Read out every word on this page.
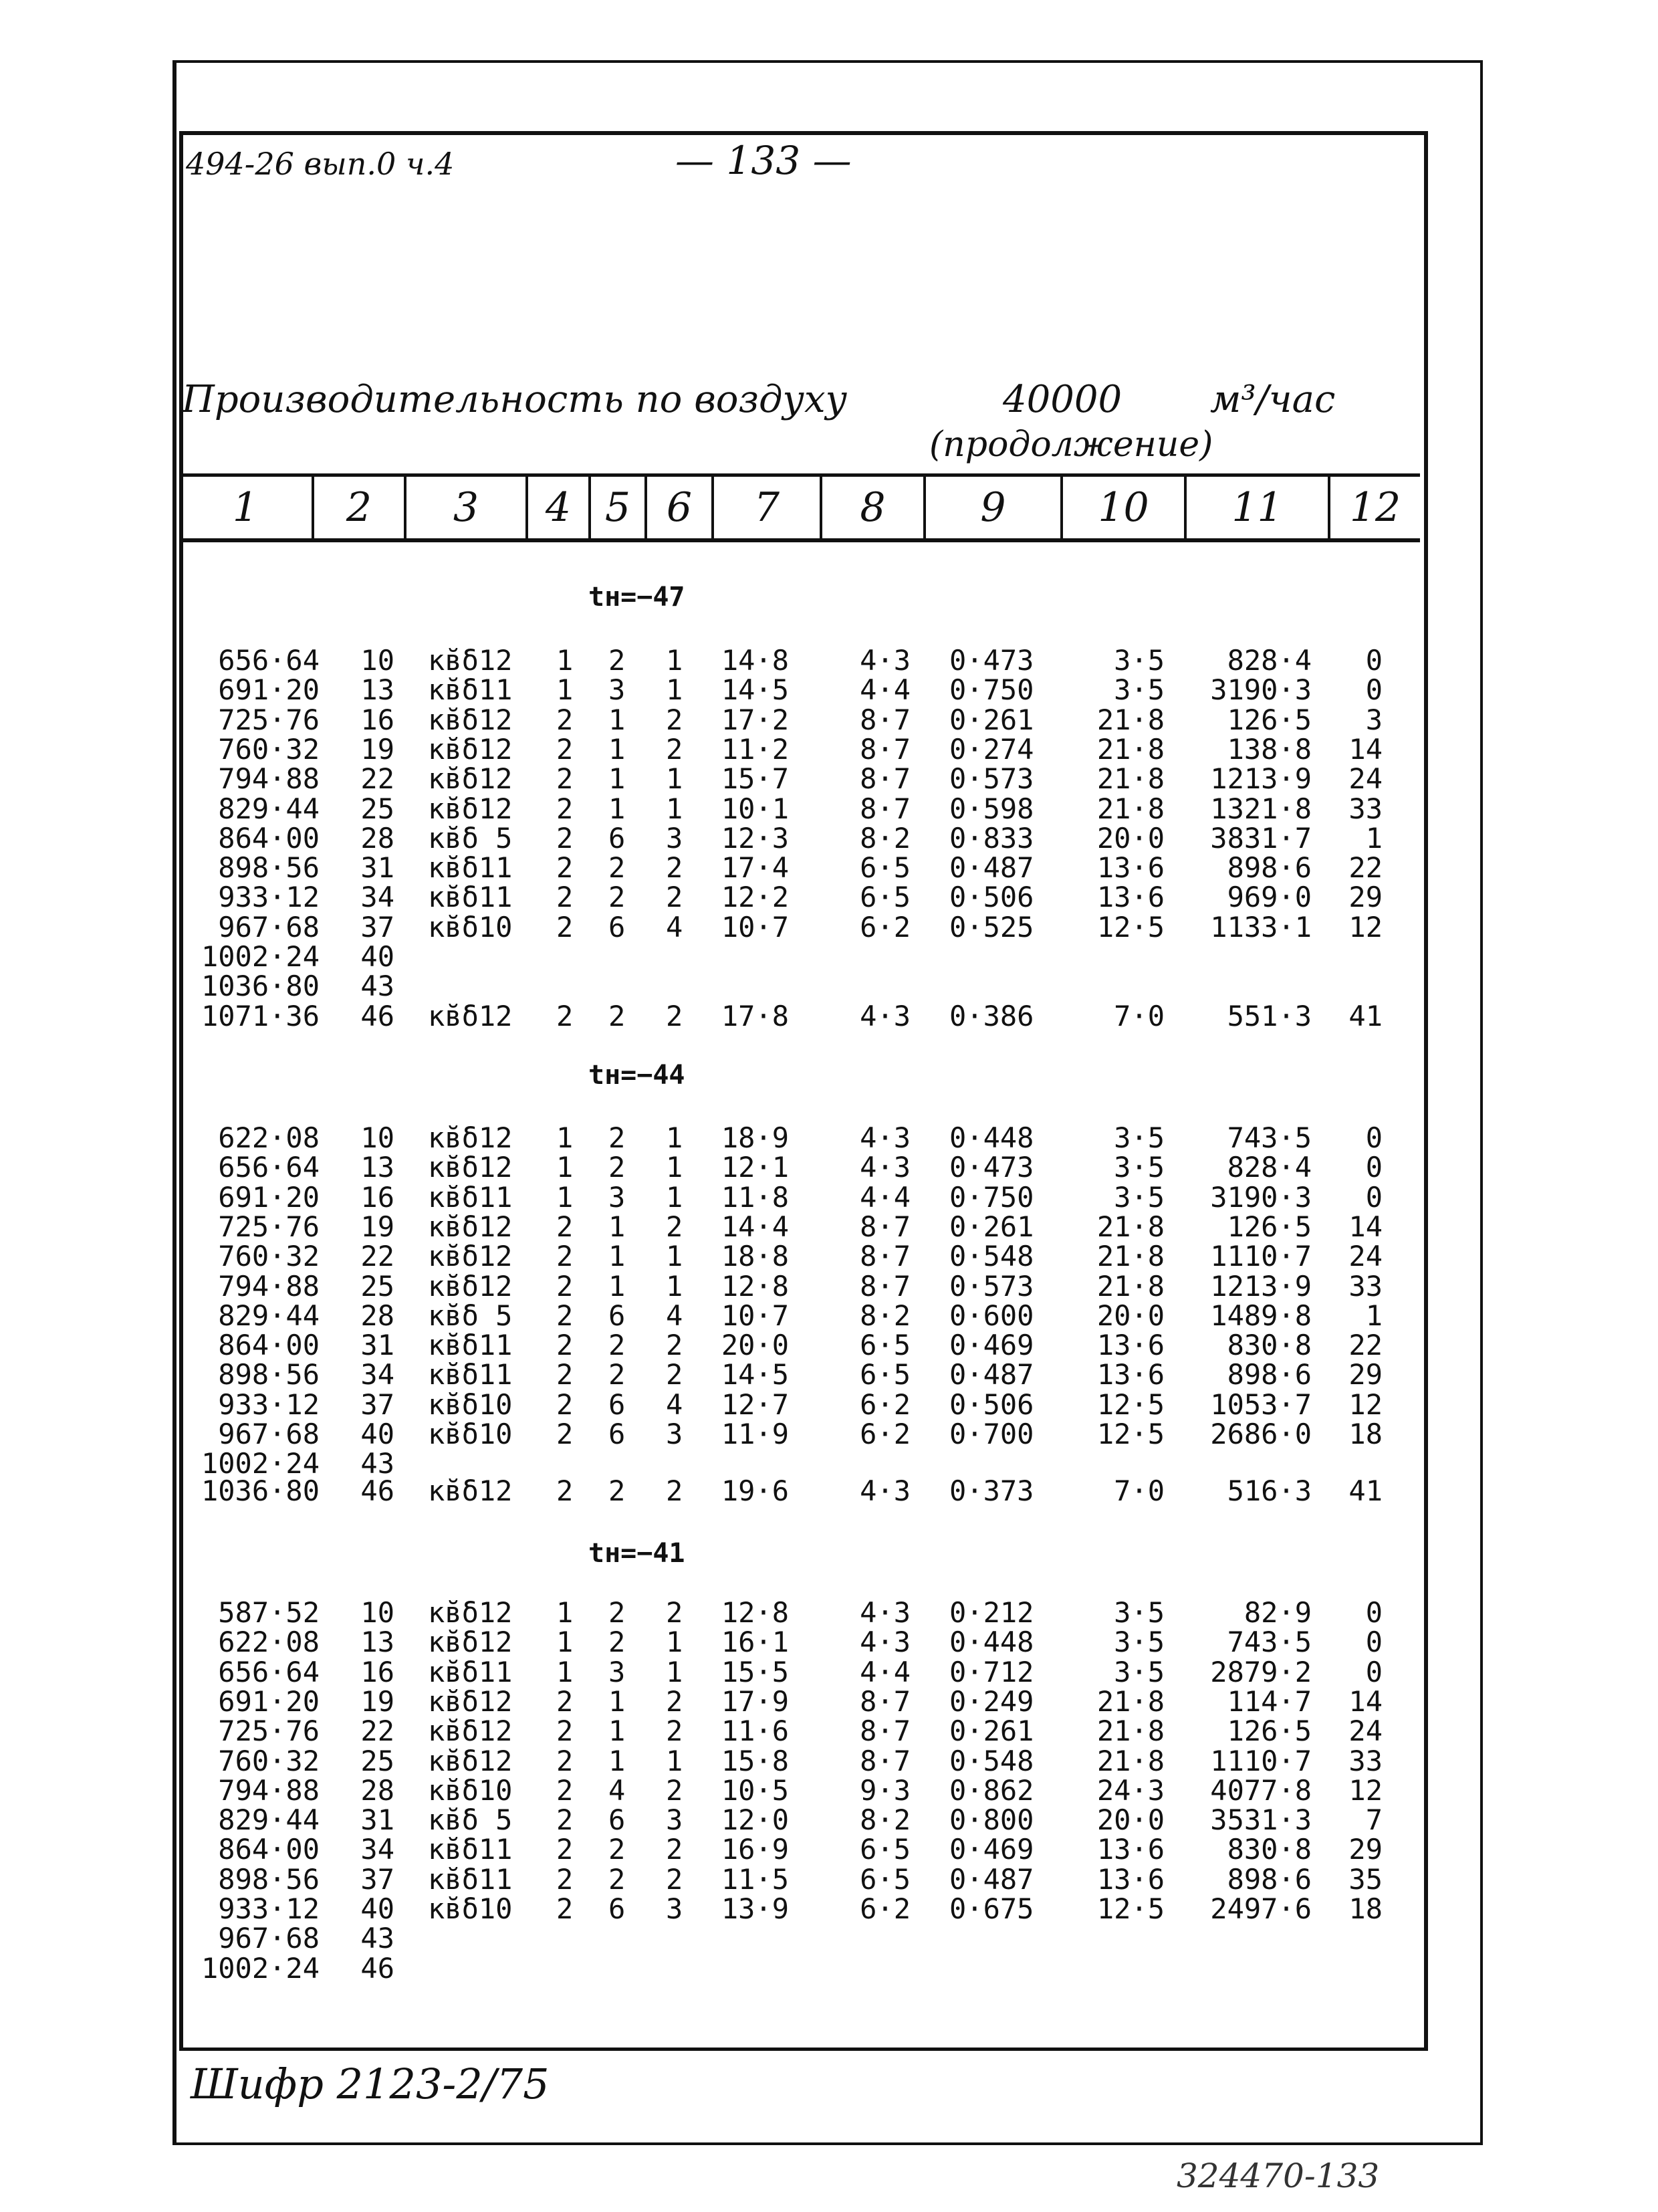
494-26 вып.0 ч.4	— 133 —
Производительность по воздуху	40000 м³/час
(продолжение)
1	2	3	4 5 6	7	8	9	10	11	12
tн=−47
656·64 10 кв̆δ12 1 2 1 14·8	4·3 0·473	3·5 828·4 0
691·20 13 кв̆δ11 1 3 1 14·5	4·4 0·750	3·5 3190·3 0
725·76 16 кв̆δ12 2 1 2 17·2	8·7 0·261 21·8 126·5 3
760·32 19 кв̆δ12 2 1 2 11·2	8·7 0·274 21·8 138·8 14
794·88 22 кв̆δ12 2 1 1 15·7	8·7 0·573 21·8 1213·9 24
829·44 25 кв̆δ12 2 1 1 10·1	8·7 0·598 21·8 1321·8 33
864·00 28 кв̆δ 5 2 6 3 12·3	8·2 0·833 20·0 3831·7 1
898·56 31 кв̆δ11 2 2 2 17·4	6·5 0·487 13·6 898·6 22
933·12 34 кв̆δ11 2 2 2 12·2	6·5 0·506 13·6 969·0 29
967·68 37 кв̆δ10 2 6 4 10·7	6·2 0·525 12·5 1133·1 12
1002·24 40
1036·80 43
1071·36 46 кв̆δ12 2 2 2 17·8	4·3 0·386	7·0 551·3 41
tн=−44
622·08 10 кв̆δ12 1 2 1 18·9	4·3 0·448	3·5 743·5 0
656·64 13 кв̆δ12 1 2 1 12·1	4·3 0·473	3·5 828·4 0
691·20 16 кв̆δ11 1 3 1 11·8	4·4 0·750	3·5 3190·3 0
725·76 19 кв̆δ12 2 1 2 14·4	8·7 0·261 21·8 126·5 14
760·32 22 кв̆δ12 2 1 1 18·8	8·7 0·548 21·8 1110·7 24
794·88 25 кв̆δ12 2 1 1 12·8	8·7 0·573 21·8 1213·9 33
829·44 28 кв̆δ 5 2 6 4 10·7	8·2 0·600 20·0 1489·8 1
864·00 31 кв̆δ11 2 2 2 20·0	6·5 0·469 13·6 830·8 22
898·56 34 кв̆δ11 2 2 2 14·5	6·5 0·487 13·6 898·6 29
933·12 37 кв̆δ10 2 6 4 12·7	6·2 0·506 12·5 1053·7 12
967·68 40 кв̆δ10 2 6 3 11·9	6·2 0·700 12·5 2686·0 18
1002·24 43
1036·80 46 кв̆δ12 2 2 2 19·6	4·3 0·373	7·0 516·3 41
tн=−41
587·52 10 кв̆δ12 1 2 2 12·8	4·3 0·212	3·5	82·9 0
622·08 13 кв̆δ12 1 2 1 16·1	4·3 0·448	3·5 743·5 0
656·64 16 кв̆δ11 1 3 1 15·5	4·4 0·712	3·5 2879·2 0
691·20 19 кв̆δ12 2 1 2 17·9	8·7 0·249 21·8 114·7 14
725·76 22 кв̆δ12 2 1 2 11·6	8·7 0·261 21·8 126·5 24
760·32 25 кв̆δ12 2 1 1 15·8	8·7 0·548 21·8 1110·7 33
794·88 28 кв̆δ10 2 4 2 10·5	9·3 0·862 24·3 4077·8 12
829·44 31 кв̆δ 5 2 6 3 12·0	8·2 0·800 20·0 3531·3 7
864·00 34 кв̆δ11 2 2 2 16·9	6·5 0·469 13·6 830·8 29
898·56 37 кв̆δ11 2 2 2 11·5	6·5 0·487 13·6 898·6 35
933·12 40 кв̆δ10 2 6 3 13·9	6·2 0·675 12·5 2497·6 18
967·68 43
1002·24 46
Шифр 2123-2/75
324470-133
